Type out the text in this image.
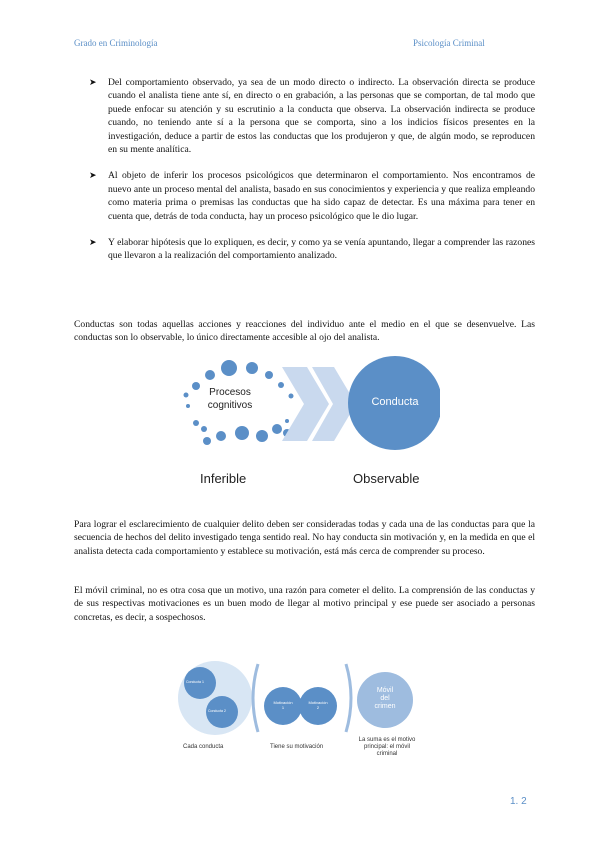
Grado en Criminología	Psicología Criminal
➤ Del comportamiento observado, ya sea de un modo directo o indirecto. La observación directa se produce cuando el analista tiene ante sí, en directo o en grabación, a las personas que se comportan, de tal modo que puede enfocar su atención y su escrutinio a la conducta que observa. La observación indirecta se produce cuando, no teniendo ante sí a la persona que se comporta, sino a los indicios físicos presentes en la investigación, deduce a partir de estos las conductas que los produjeron y que, de algún modo, se reproducen en su mente analítica.
➤ Al objeto de inferir los procesos psicológicos que determinaron el comportamiento. Nos encontramos de nuevo ante un proceso mental del analista, basado en sus conocimientos y experiencia y que realiza empleando como materia prima o premisas las conductas que ha sido capaz de detectar. Es una máxima para tener en cuenta que, detrás de toda conducta, hay un proceso psicológico que le dio lugar.
➤ Y elaborar hipótesis que lo expliquen, es decir, y como ya se venía apuntando, llegar a comprender las razones que llevaron a la realización del comportamiento analizado.

Conductas son todas aquellas acciones y reacciones del individuo ante el medio en el que se desenvuelve. Las conductas son lo observable, lo único directamente accesible al ojo del analista.

Procesos
cognitivos	Conducta
Inferible	Observable

Para lograr el esclarecimiento de cualquier delito deben ser consideradas todas y cada una de las conductas para que la secuencia de hechos del delito investigado tenga sentido real. No hay conducta sin motivación y, en la medida en que el analista detecta cada comportamiento y establece su motivación, está más cerca de comprender su proceso.

El móvil criminal, no es otra cosa que un motivo, una razón para cometer el delito. La comprensión de las conductas y de sus respectivas motivaciones es un buen modo de llegar al motivo principal y ese puede ser asociado a personas concretas, es decir, a sospechosos.

Conducta 1
Conducta 2
Motivación
1
Motivación
2
Móvil
del
crimen
Cada conducta	Tiene su motivación
La suma es el motivo
principal: el móvil
criminal
1. 2
